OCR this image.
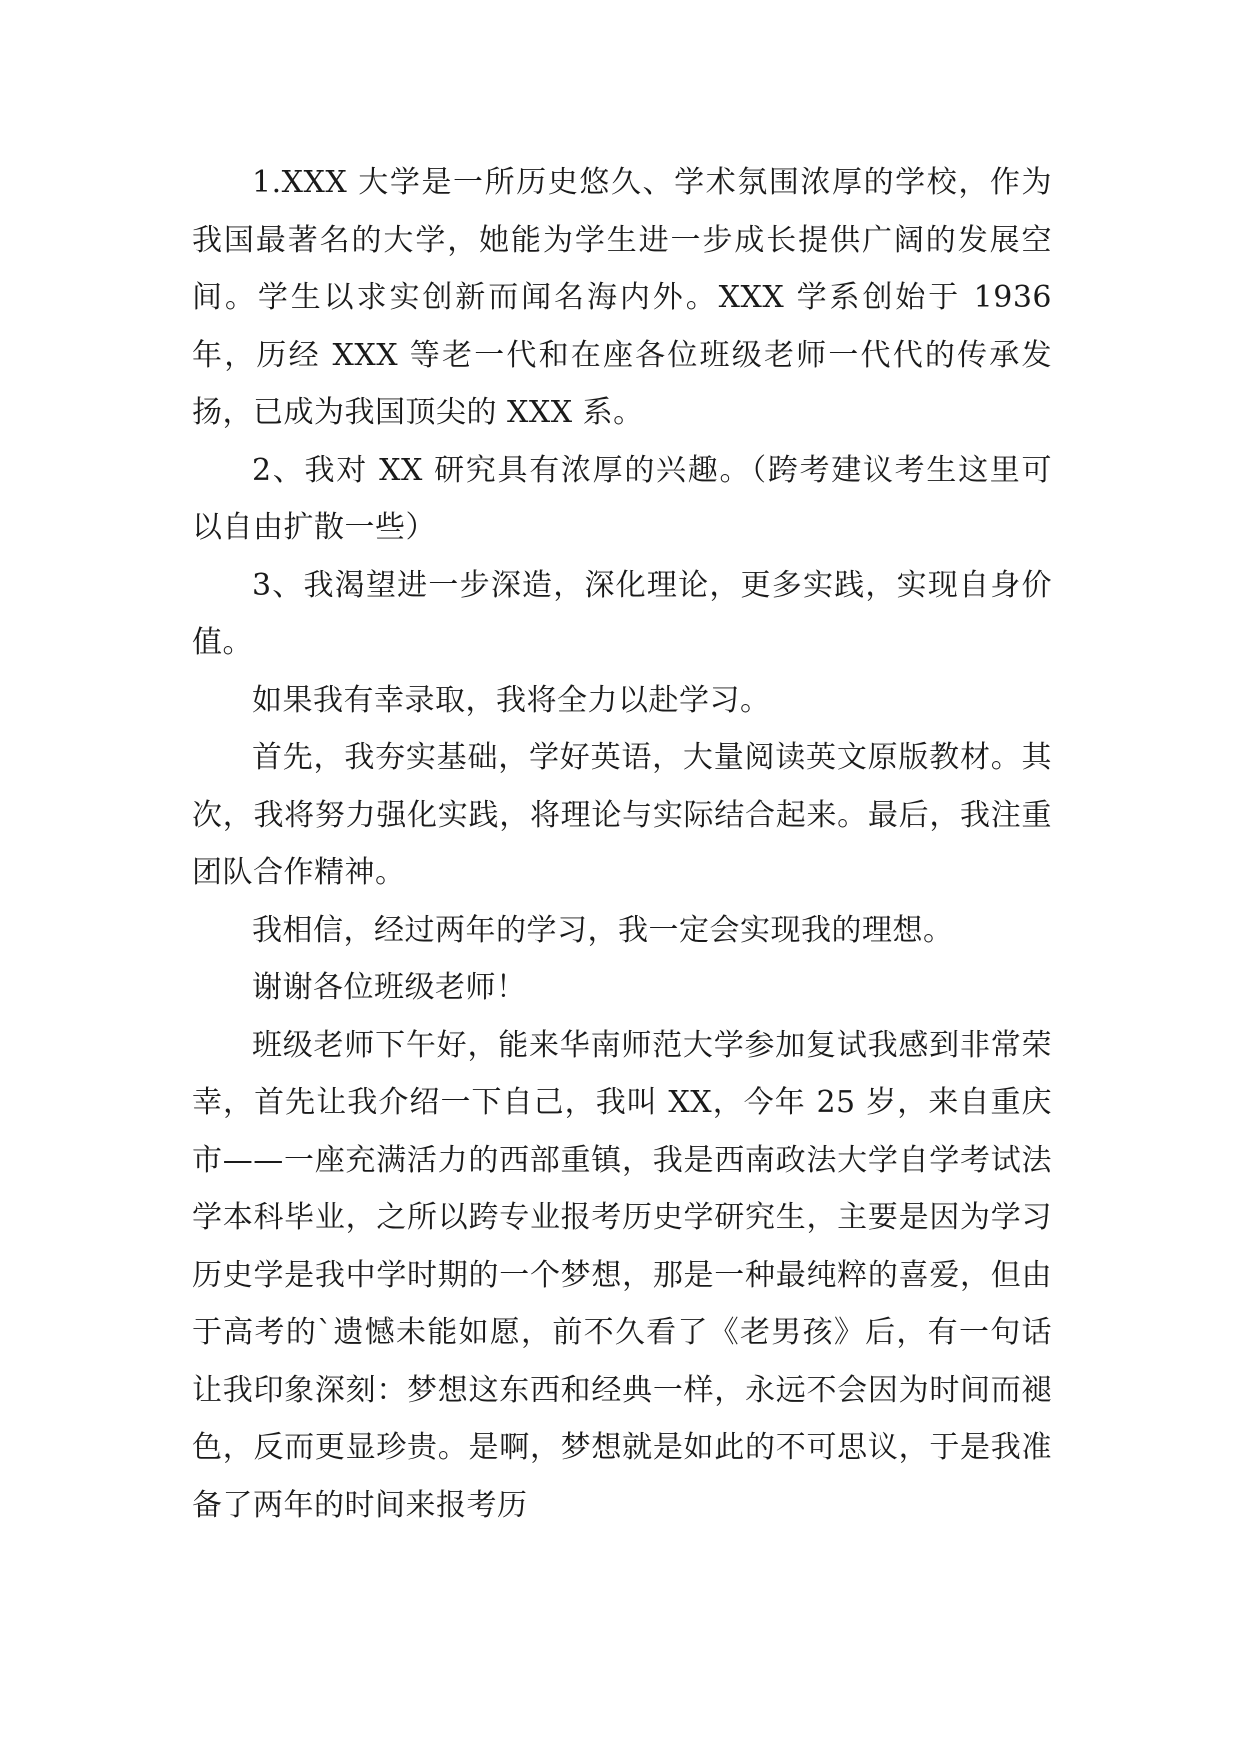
1.XXX 大学是一所历史悠久、学术氛围浓厚的学校，作为我国最著名的大学，她能为学生进一步成长提供广阔的发展空间。学生以求实创新而闻名海内外。XXX 学系创始于 1936 年，历经 XXX 等老一代和在座各位班级老师一代代的传承发扬，已成为我国顶尖的 XXX 系。

2、我对 XX 研究具有浓厚的兴趣。（跨考建议考生这里可以自由扩散一些）

3、我渴望进一步深造，深化理论，更多实践，实现自身价值。

如果我有幸录取，我将全力以赴学习。

首先，我夯实基础，学好英语，大量阅读英文原版教材。其次，我将努力强化实践，将理论与实际结合起来。最后，我注重团队合作精神。

我相信，经过两年的学习，我一定会实现我的理想。

谢谢各位班级老师！

班级老师下午好，能来华南师范大学参加复试我感到非常荣幸，首先让我介绍一下自己，我叫 XX，今年 25 岁，来自重庆市——一座充满活力的西部重镇，我是西南政法大学自学考试法学本科毕业，之所以跨专业报考历史学研究生，主要是因为学习历史学是我中学时期的一个梦想，那是一种最纯粹的喜爱，但由于高考的`遗憾未能如愿，前不久看了《老男孩》后，有一句话让我印象深刻：梦想这东西和经典一样，永远不会因为时间而褪色，反而更显珍贵。是啊，梦想就是如此的不可思议，于是我准备了两年的时间来报考历
